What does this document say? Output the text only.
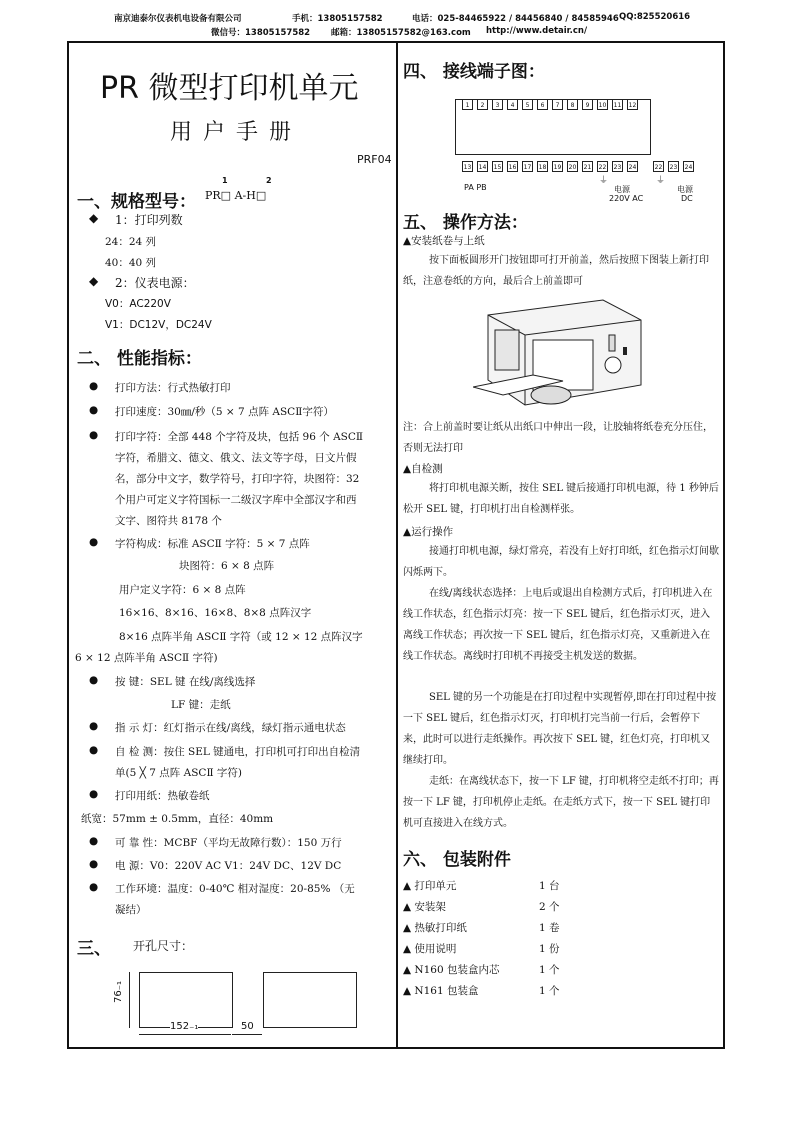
南京迪泰尔仪表机电设备有限公司	手机：13805157582	电话：025-84465922 / 84456840 / 84585946 QQ:825520616
微信号：13805157582 邮箱：13805157582@163.com http://www.detair.cn/
PR 微型打印机单元
用 户 手 册
PRF04
一、规格型号： PR□ A-H□
1	2
◆ 1：打印列数
24：24 列
40：40 列
◆ 2：仪表电源：
V0：AC220V
V1：DC12V，DC24V
二、 性能指标：
● 打印方法：行式热敏打印
● 打印速度：30㎜/秒（5 × 7 点阵 ASCⅡ字符）
● 打印字符：全部 448 个字符及块，包括 96 个 ASCⅡ
字符，希腊文、德文、俄文、法文等字母，日文片假
名，部分中文字，数学符号，打印字符，块图符：32
个用户可定义字符国标一二级汉字库中全部汉字和西
文字、图符共 8178 个
● 字符构成：标准 ASCⅡ 字符：5 × 7 点阵
块图符：6 × 8 点阵
用户定义字符：6 × 8 点阵
16×16、8×16、16×8、8×8 点阵汉字
8×16 点阵半角 ASCⅡ 字符（或 12 × 12 点阵汉字
6 × 12 点阵半角 ASCⅡ 字符)
● 按 键：SEL 键 在线/离线选择
LF 键：走纸
● 指 示 灯：红灯指示在线/离线，绿灯指示通电状态
● 自 检 测：按住 SEL 键通电，打印机可打印出自检清
单(5 ╳ 7 点阵 ASCⅡ 字符)
● 打印用纸：热敏卷纸
纸宽：57mm ± 0.5mm，直径：40mm
● 可 靠 性：MCBF（平均无故障行数）：150 万行
● 电 源：V0：220V AC V1：24V DC、12V DC
● 工作环境：温度：0-40℃ 相对湿度：20-85% （无
凝结）
三、 开孔尺寸：
76₋₁
152₋₁	50
四、 接线端子图：
1	2	3	4	5	6	7	8	9	10 11 12
13 14 15 16 17 18 19 20 21 22 23 24	22 23 24
⏚	⏚
PA PB	电源
220V AC
电源
DC
五、 操作方法：
▲安装纸卷与上纸
按下面板圆形开门按钮即可打开前盖，然后按照下图装上新打印纸，注意卷纸的方向，最后合上前盖即可
注：合上前盖时要让纸从出纸口中伸出一段，让胶轴将纸卷充分压住，否则无法打印
▲自检测
将打印机电源关断，按住 SEL 键后接通打印机电源，待 1 秒钟后松开 SEL 键，打印机打出自检测样张。
▲运行操作
接通打印机电源，绿灯常亮，若没有上好打印纸，红色指示灯间歇闪烁两下。
在线/离线状态选择：上电后或退出自检测方式后，打印机进入在线工作状态，红色指示灯亮：按一下 SEL 键后，红色指示灯灭，进入离线工作状态；再次按一下 SEL 键后，红色指示灯亮，又重新进入在线工作状态。离线时打印机不再接受主机发送的数据。
SEL 键的另一个功能是在打印过程中实现暂停,即在打印过程中按一下 SEL 键后，红色指示灯灭，打印机打完当前一行后，会暂停下来，此时可以进行走纸操作。再次按下 SEL 键，红色灯亮，打印机又继续打印。
走纸：在离线状态下，按一下 LF 键，打印机将空走纸不打印；再按一下 LF 键，打印机停止走纸。在走纸方式下，按一下 SEL 键打印机可直接进入在线方式。
六、 包装附件
▲ 打印单元	1 台
▲ 安装架	2 个
▲ 热敏打印纸	1 卷
▲ 使用说明	1 份
▲ N160 包装盒内芯	1 个
▲ N161 包装盒	1 个
